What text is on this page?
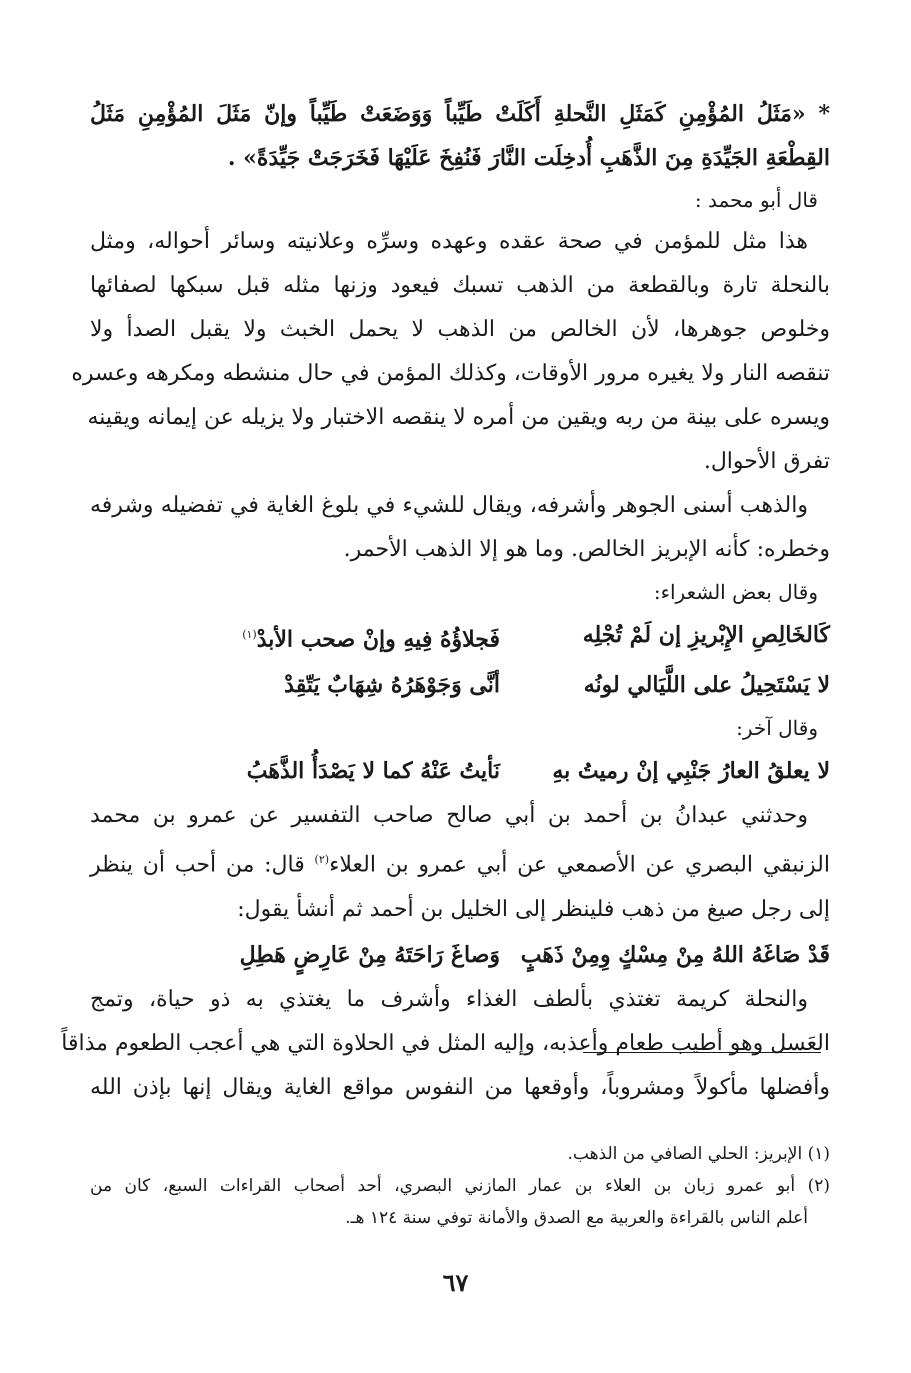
* «مَثَلُ المُؤْمِنِ كَمَثَلِ النَّحلةِ أَكَلَتْ طَيِّباً وَوَضَعَتْ طَيِّباً وإنّ مَثَلَ المُؤْمِنِ مَثَلُ
القِطْعَةِ الجَيِّدَةِ مِنَ الذَّهَبِ أُدخِلَت النَّارَ فَنُفِخَ عَلَيْهَا فَخَرَجَتْ جَيِّدَةً» .
قال أبو محمد :
هذا مثل للمؤمن في صحة عقده وعهده وسرِّه وعلانيته وسائر أحواله، ومثل
بالنحلة تارة وبالقطعة من الذهب تسبك فيعود وزنها مثله قبل سبكها لصفائها
وخلوص جوهرها، لأن الخالص من الذهب لا يحمل الخبث ولا يقبل الصدأ ولا
تنقصه النار ولا يغيره مرور الأوقات، وكذلك المؤمن في حال منشطه ومكرهه وعسره
ويسره على بينة من ربه ويقين من أمره لا ينقصه الاختبار ولا يزيله عن إيمانه ويقينه
تفرق الأحوال.
والذهب أسنى الجوهر وأشرفه، ويقال للشيء في بلوغ الغاية في تفضيله وشرفه
وخطره: كأنه الإبريز الخالص. وما هو إلا الذهب الأحمر.
وقال بعض الشعراء:
كَالخَالِصِ الإِبْريزِ إن لَمْ تُجْلِه
فَجلاؤُهُ فِيهِ وإنْ صحب الأبدْ$^{(١)}$
لا يَسْتَحِيلُ على اللَّيَالي لونُه
أنَّى وَجَوْهَرُهُ شِهَابٌ يَتّقِدْ
وقال آخر:
لا يعلقُ العارُ جَنْبِي إنْ رميتُ بهِ
نَأيتُ عَنْهُ كما لا يَصْدَأُ الذَّهَبُ
وحدثني عبدانُ بن أحمد بن أبي صالح صاحب التفسير عن عمرو بن محمد
الزنبقي البصري عن الأصمعي عن أبي عمرو بن العلاء$^{(٢)}$ قال: من أحب أن ينظر
إلى رجل صيغ من ذهب فلينظر إلى الخليل بن أحمد ثم أنشأ يقول:
قَدْ صَاغَهُ اللهُ مِنْ مِسْكٍ وِمِنْ ذَهَبٍ
وَصاغَ رَاحَتَهُ مِنْ عَارِضٍ هَطِلِ
والنحلة كريمة تغتذي بألطف الغذاء وأشرف ما يغتذي به ذو حياة، وتمج
العَسل وهو أطيب طعام وأعذبه، وإليه المثل في الحلاوة التي هي أعجب الطعوم مذاقاً
وأفضلها مأكولاً ومشروباً، وأوقعها من النفوس مواقع الغاية ويقال إنها بإذن الله
(١) الإبريز: الحلي الصافي من الذهب.
(٢) أبو عمرو زبان بن العلاء بن عمار المازني البصري، أحد أصحاب القراءات السبع، كان من
أعلم الناس بالقراءة والعربية مع الصدق والأمانة توفي سنة ١٢٤ هـ.
٦٧
